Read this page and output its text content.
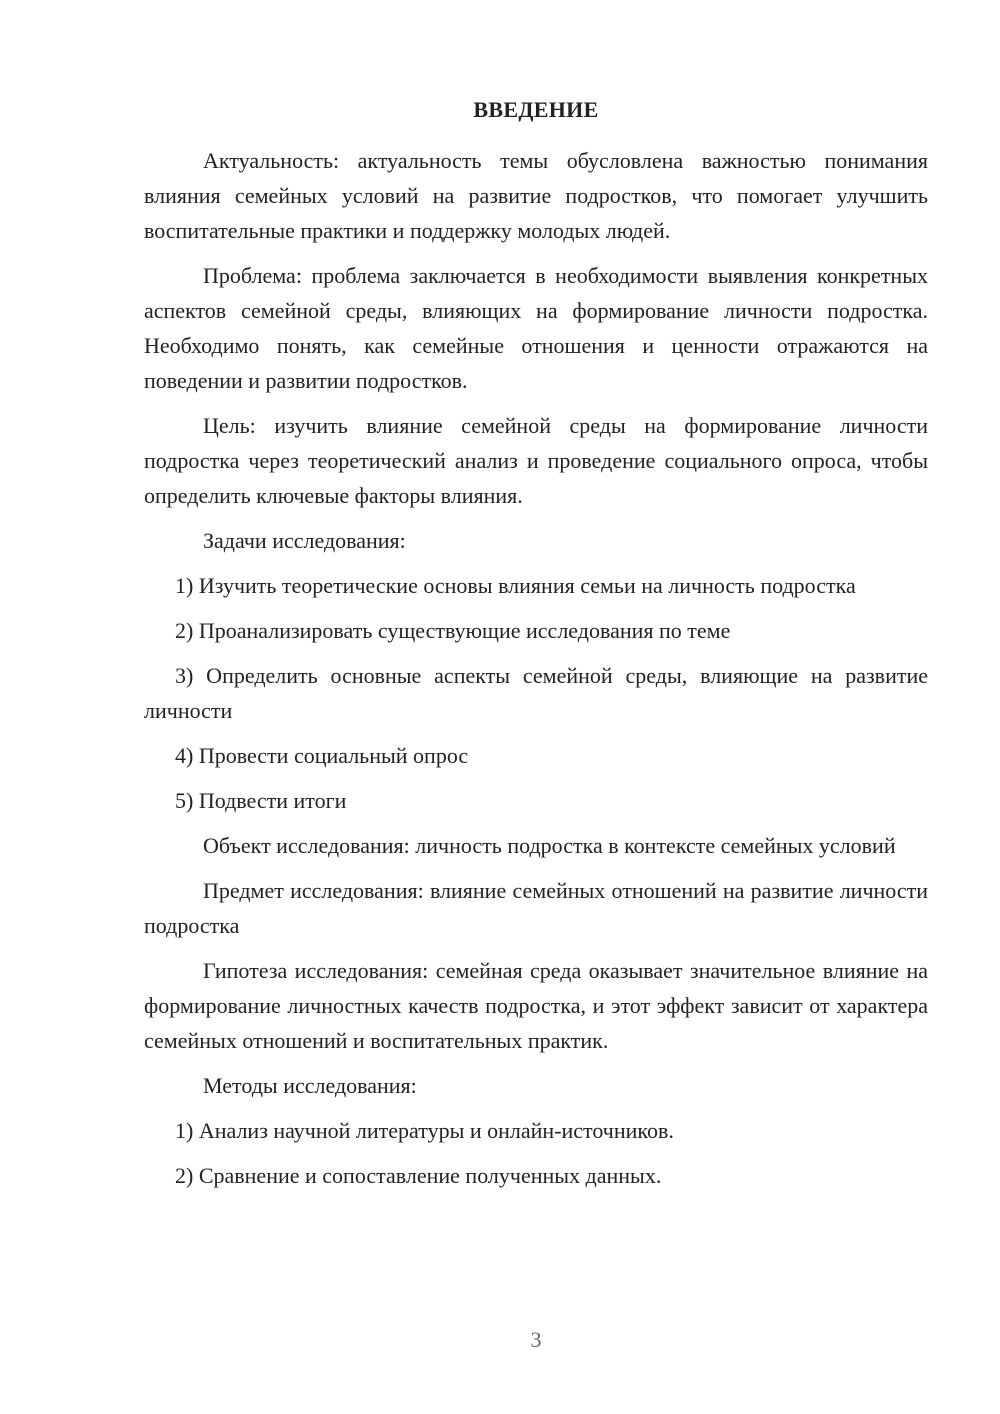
ВВЕДЕНИЕ

Актуальность: актуальность темы обусловлена важностью понимания влияния семейных условий на развитие подростков, что помогает улучшить воспитательные практики и поддержку молодых людей.

Проблема: проблема заключается в необходимости выявления конкретных аспектов семейной среды, влияющих на формирование личности подростка. Необходимо понять, как семейные отношения и ценности отражаются на поведении и развитии подростков.

Цель: изучить влияние семейной среды на формирование личности подростка через теоретический анализ и проведение социального опроса, чтобы определить ключевые факторы влияния.

Задачи исследования:

1) Изучить теоретические основы влияния семьи на личность подростка

2) Проанализировать существующие исследования по теме

3) Определить основные аспекты семейной среды, влияющие на развитие личности

4) Провести социальный опрос

5) Подвести итоги

Объект исследования: личность подростка в контексте семейных условий

Предмет исследования: влияние семейных отношений на развитие личности подростка

Гипотеза исследования: семейная среда оказывает значительное влияние на формирование личностных качеств подростка, и этот эффект зависит от характера семейных отношений и воспитательных практик.

Методы исследования:

1) Анализ научной литературы и онлайн-источников.

2) Сравнение и сопоставление полученных данных.

3
